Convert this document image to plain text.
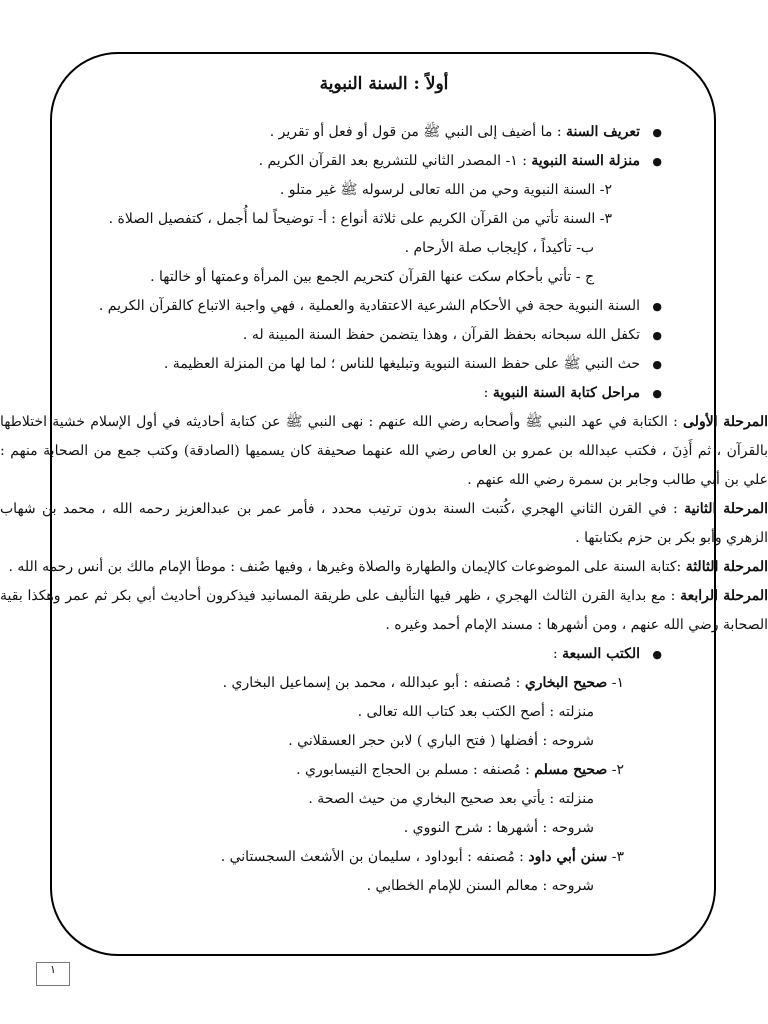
أولاً : السنة النبوية
● تعريف السنة : ما أضيف إلى النبي ﷺ من قول أو فعل أو تقرير .
● منزلة السنة النبوية : ١- المصدر الثاني للتشريع بعد القرآن الكريم .
٢- السنة النبوية وحي من الله تعالى لرسوله ﷺ غير متلو .
٣- السنة تأتي من القرآن الكريم على ثلاثة أنواع : أ- توضيحاً لما أُجمل ، كتفصيل الصلاة .
ب- تأكيداً ، كإيجاب صلة الأرحام .
ج - تأتي بأحكام سكت عنها القرآن كتحريم الجمع بين المرأة وعمتها أو خالتها .
● السنة النبوية حجة في الأحكام الشرعية الاعتقادية والعملية ، فهي واجبة الاتباع كالقرآن الكريم .
● تكفل الله سبحانه بحفظ القرآن ، وهذا يتضمن حفظ السنة المبينة له .
● حث النبي ﷺ على حفظ السنة النبوية وتبليغها للناس ؛ لما لها من المنزلة العظيمة .
● مراحل كتابة السنة النبوية :
المرحلة الأولى : الكتابة في عهد النبي ﷺ وأصحابه رضي الله عنهم : نهى النبي ﷺ عن كتابة أحاديثه في أول الإسلام خشية اختلاطها بالقرآن ، ثم أَذِنَ ، فكتب عبدالله بن عمرو بن العاص رضي الله عنهما صحيفة كان يسميها (الصادقة) وكتب جمع من الصحابة منهم : علي بن أبي طالب وجابر بن سمرة رضي الله عنهم .
المرحلة الثانية : في القرن الثاني الهجري ،كُتبت السنة بدون ترتيب محدد ، فأمر عمر بن عبدالعزيز رحمه الله ، محمد بن شهاب الزهري وأبو بكر بن حزم بكتابتها .
المرحلة الثالثة :كتابة السنة على الموضوعات كالإيمان والطهارة والصلاة وغيرها ، وفيها صُنف : موطأ الإمام مالك بن أنس رحمه الله .
المرحلة الرابعة : مع بداية القرن الثالث الهجري ، ظهر فيها التأليف على طريقة المسانيد فيذكرون أحاديث أبي بكر ثم عمر وهكذا بقية الصحابة رضي الله عنهم ، ومن أشهرها : مسند الإمام أحمد وغيره .
● الكتب السبعة :
١- صحيح البخاري : مُصنفه : أبو عبدالله ، محمد بن إسماعيل البخاري .
منزلته : أصح الكتب بعد كتاب الله تعالى .
شروحه : أفضلها ( فتح الباري ) لابن حجر العسقلاني .
٢- صحيح مسلم : مُصنفه : مسلم بن الحجاج النيسابوري .
منزلته : يأتي بعد صحيح البخاري من حيث الصحة .
شروحه : أشهرها : شرح النووي .
٣- سنن أبي داود : مُصنفه : أبوداود ، سليمان بن الأشعث السجستاني .
شروحه : معالم السنن للإمام الخطابي .
١
